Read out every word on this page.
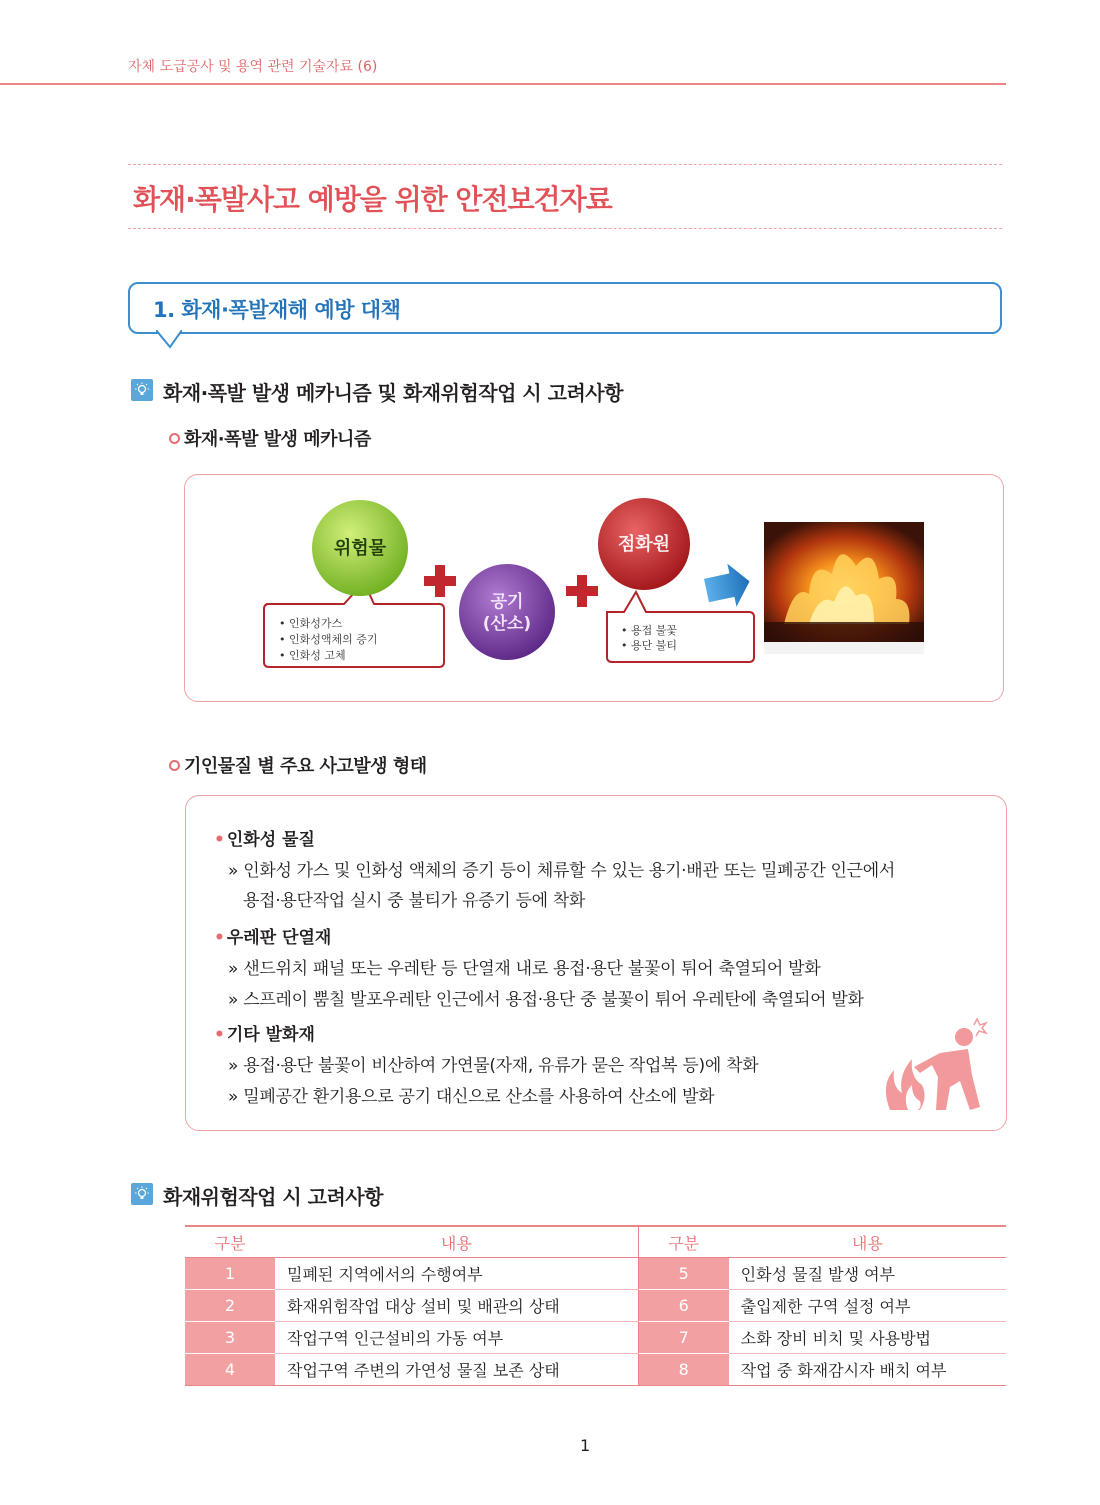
자체 도급공사 및 용역 관련 기술자료 (6)
화재·폭발사고 예방을 위한 안전보건자료
1. 화재·폭발재해 예방 대책
화재·폭발 발생 메카니즘 및 화재위험작업 시 고려사항
화재·폭발 발생 메카니즘
• 인화성가스
• 인화성액체의 증기
• 인화성 고체
위험물
공기
(산소)	• 용접 불꽃
• 용단 불티
점화원
기인물질 별 주요 사고발생 형태
• 인화성 물질
» 인화성 가스 및 인화성 액체의 증기 등이 체류할 수 있는 용기·배관 또는 밀폐공간 인근에서
용접·용단작업 실시 중 불티가 유증기 등에 착화
• 우레판 단열재
» 샌드위치 패널 또는 우레탄 등 단열재 내로 용접·용단 불꽃이 튀어 축열되어 발화
» 스프레이 뿜칠 발포우레탄 인근에서 용접·용단 중 불꽃이 튀어 우레탄에 축열되어 발화
• 기타 발화재
» 용접·용단 불꽃이 비산하여 가연물(자재, 유류가 묻은 작업복 등)에 착화
» 밀폐공간 환기용으로 공기 대신으로 산소를 사용하여 산소에 발화
화재위험작업 시 고려사항
구분	내용	구분	내용
1	밀폐된 지역에서의 수행여부	5	인화성 물질 발생 여부
2	화재위험작업 대상 설비 및 배관의 상태	6	출입제한 구역 설정 여부
3	작업구역 인근설비의 가동 여부	7	소화 장비 비치 및 사용방법
4	작업구역 주변의 가연성 물질 보존 상태	8	작업 중 화재감시자 배치 여부
1
